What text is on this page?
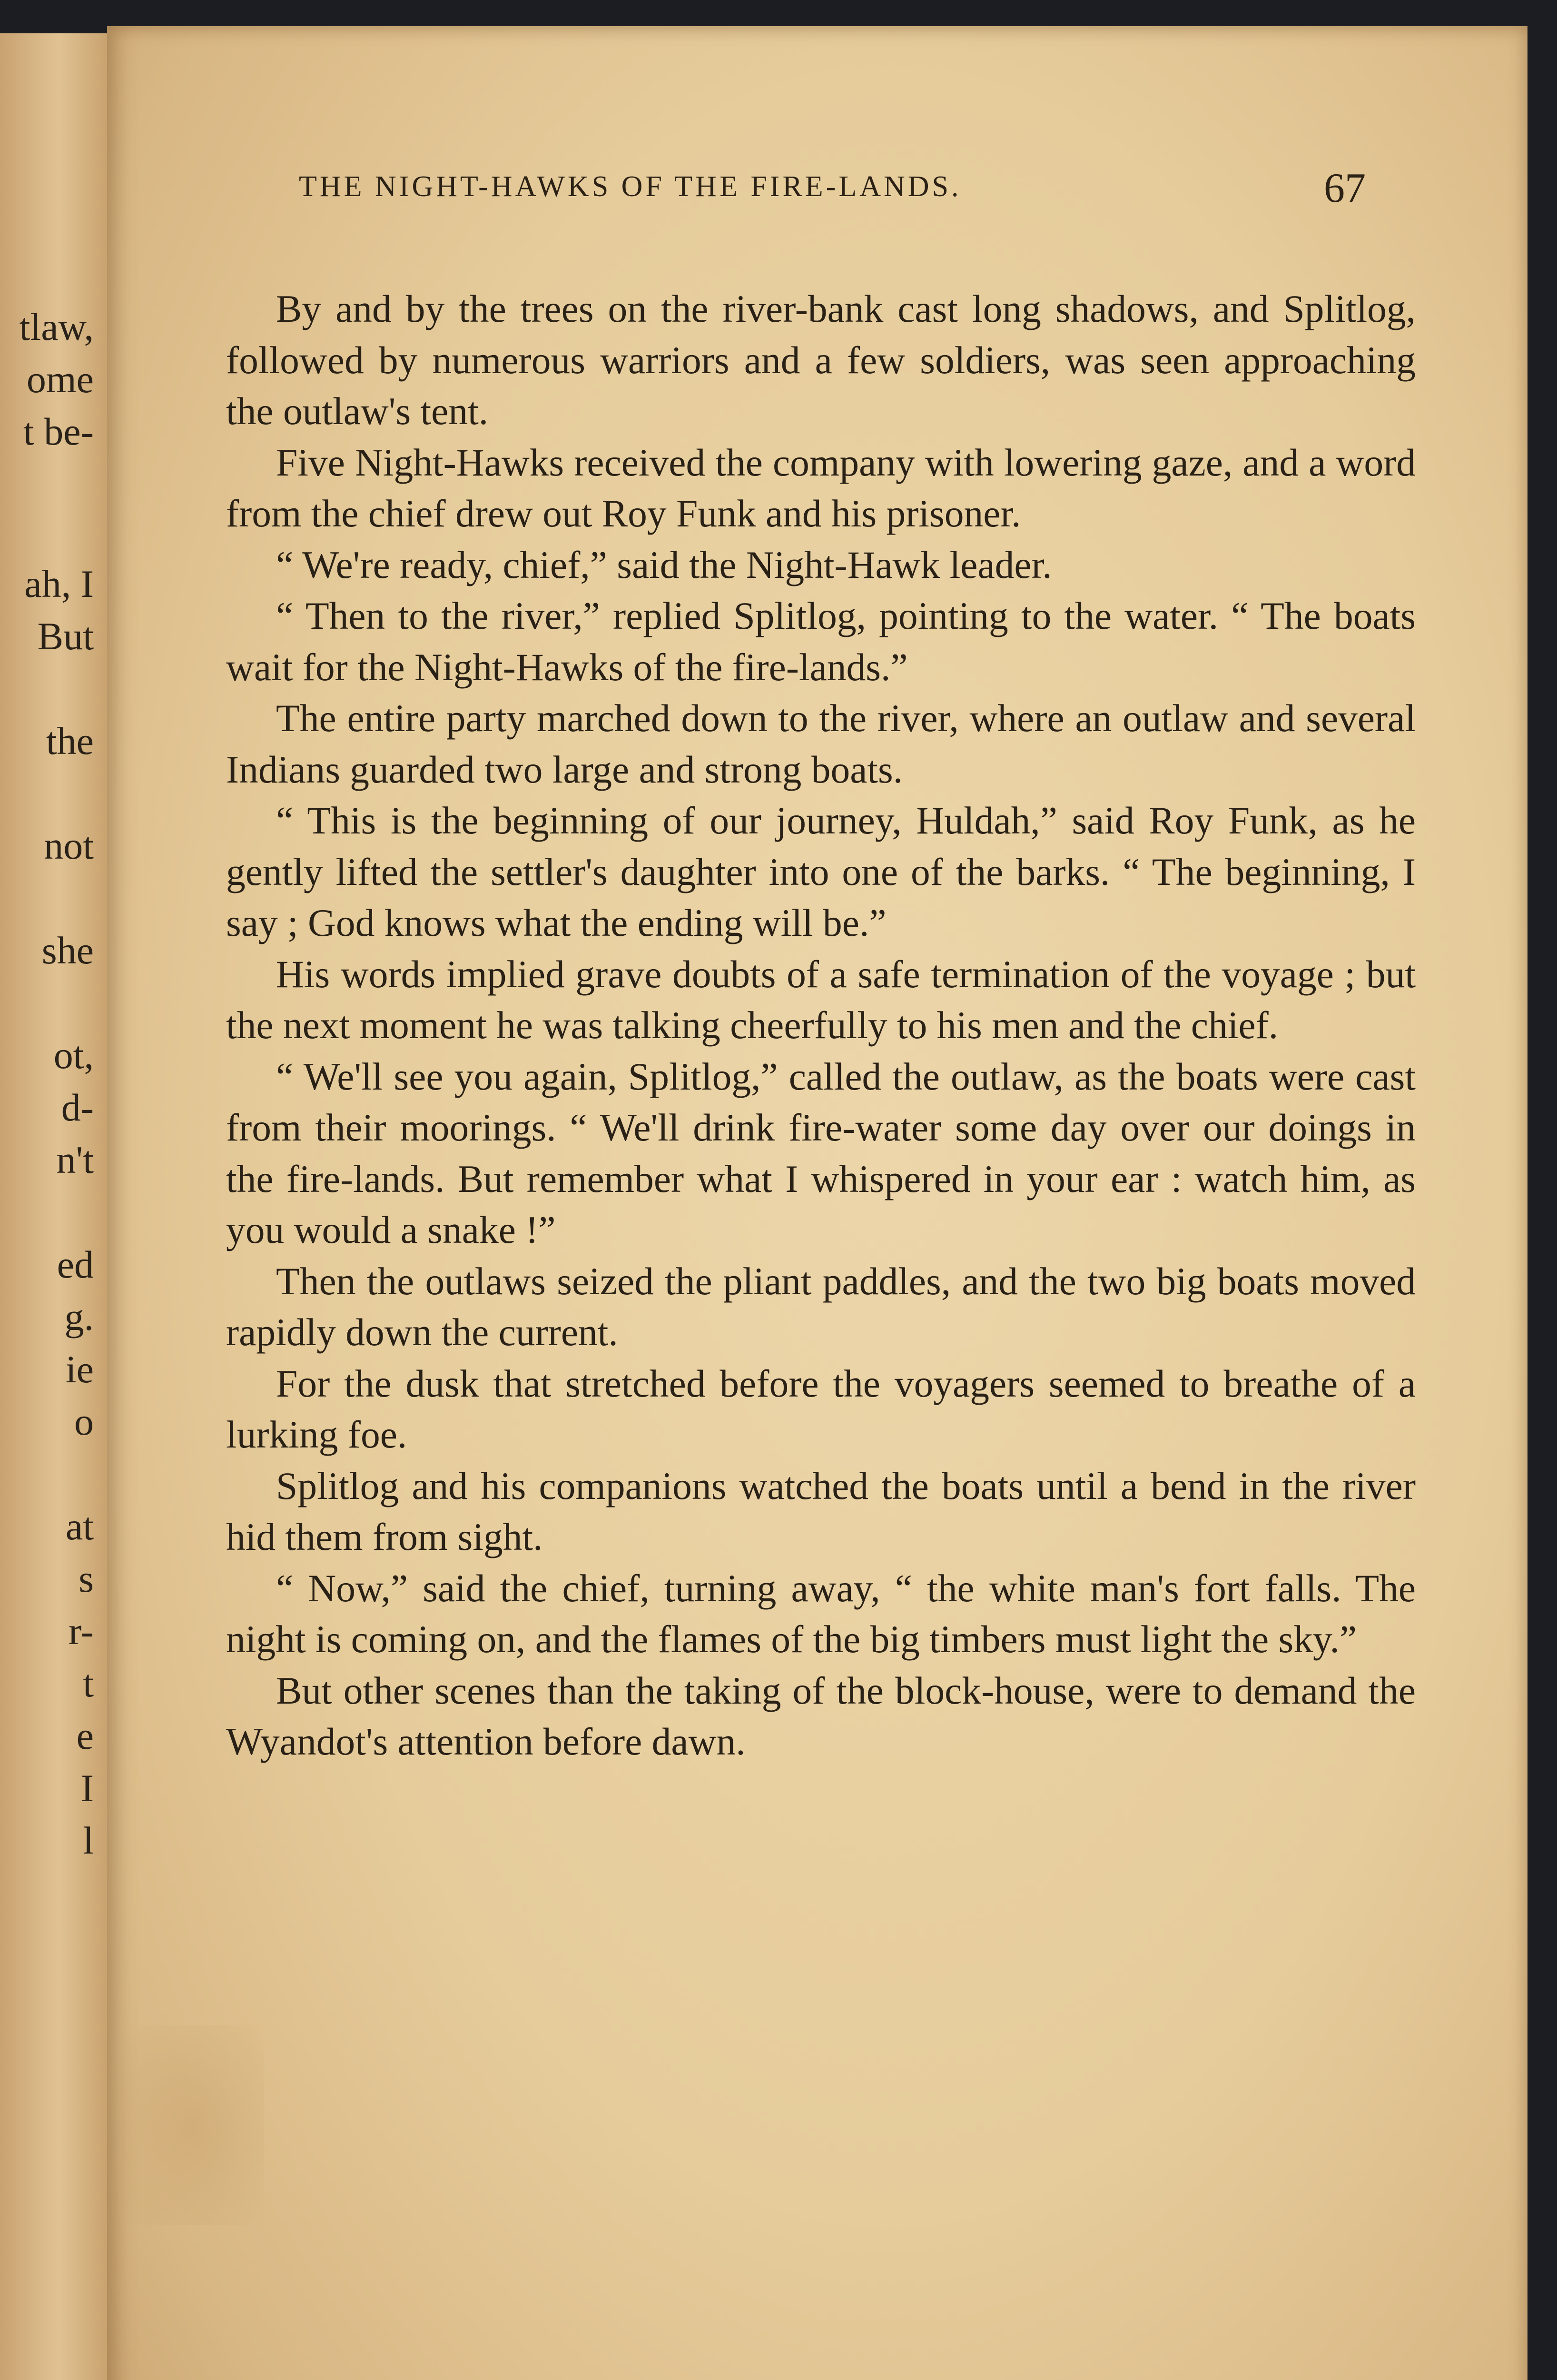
tlaw,
ome
t be-
ah, I
But
the
not
she
ot,
d-
n't
ed
g.
ie
o
at
s
r-
t
e
I
l
THE NIGHT-HAWKS OF THE FIRE-LANDS.	67

By and by the trees on the river-bank cast long shadows, and Splitlog, followed by numerous warriors and a few soldiers, was seen approaching the outlaw's tent.

Five Night-Hawks received the company with lowering gaze, and a word from the chief drew out Roy Funk and his prisoner.

“ We're ready, chief,” said the Night-Hawk leader.

“ Then to the river,” replied Splitlog, pointing to the water. “ The boats wait for the Night-Hawks of the fire-lands.”

The entire party marched down to the river, where an outlaw and several Indians guarded two large and strong boats.

“ This is the beginning of our journey, Huldah,” said Roy Funk, as he gently lifted the settler's daughter into one of the barks. “ The beginning, I say ; God knows what the ending will be.”

His words implied grave doubts of a safe termination of the voyage ; but the next moment he was talking cheerfully to his men and the chief.

“ We'll see you again, Splitlog,” called the outlaw, as the boats were cast from their moorings. “ We'll drink fire-water some day over our doings in the fire-lands. But remember what I whispered in your ear : watch him, as you would a snake !”

Then the outlaws seized the pliant paddles, and the two big boats moved rapidly down the current.

For the dusk that stretched before the voyagers seemed to breathe of a lurking foe.

Splitlog and his companions watched the boats until a bend in the river hid them from sight.

“ Now,” said the chief, turning away, “ the white man's fort falls. The night is coming on, and the flames of the big timbers must light the sky.”

But other scenes than the taking of the block-house, were to demand the Wyandot's attention before dawn.
